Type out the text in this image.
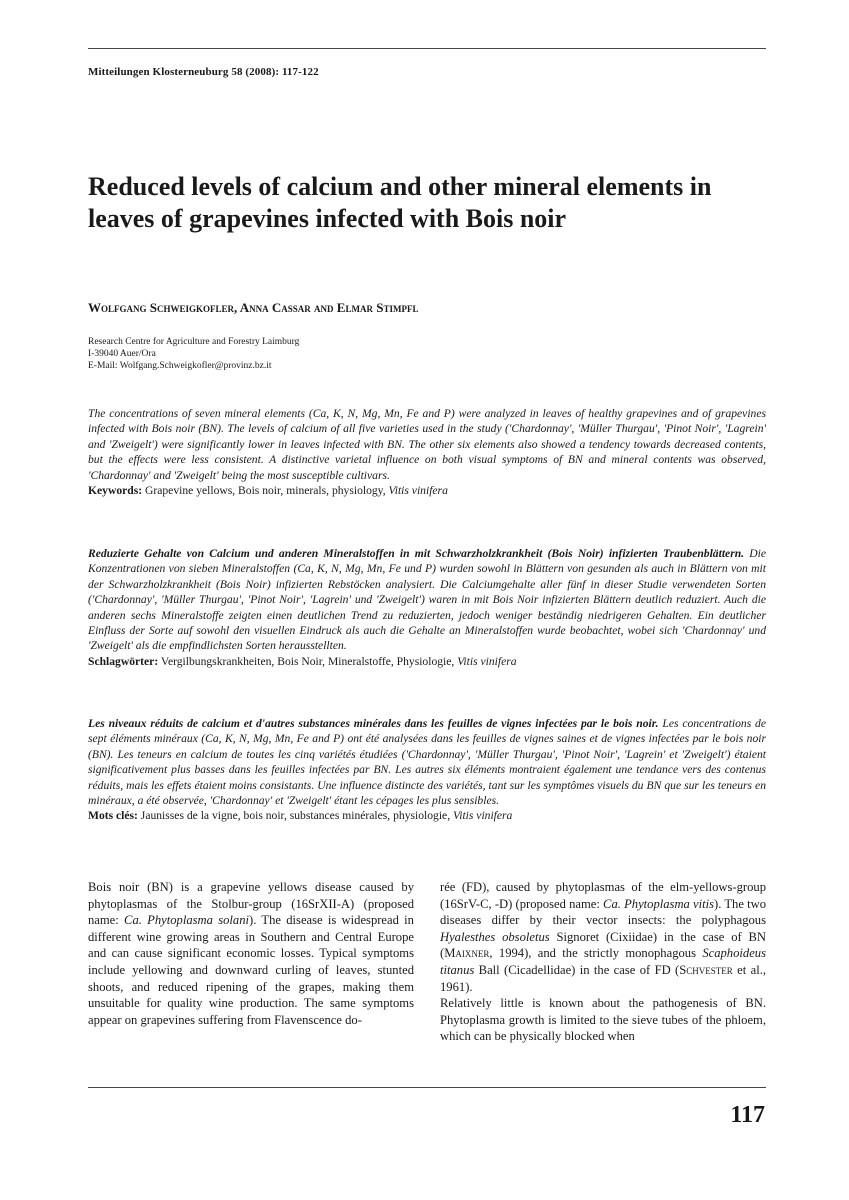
Mitteilungen Klosterneuburg 58 (2008): 117-122
Reduced levels of calcium and other mineral elements in leaves of grapevines infected with Bois noir
Wolfgang Schweigkofler, Anna Cassar and Elmar Stimpfl
Research Centre for Agriculture and Forestry Laimburg
I-39040 Auer/Ora
E-Mail: Wolfgang.Schweigkofler@provinz.bz.it

The concentrations of seven mineral elements (Ca, K, N, Mg, Mn, Fe and P) were analyzed in leaves of healthy grapevines and of grapevines infected with Bois noir (BN). The levels of calcium of all five varieties used in the study ('Chardonnay', 'Müller Thurgau', 'Pinot Noir', 'Lagrein' and 'Zweigelt') were significantly lower in leaves infected with BN. The other six elements also showed a tendency towards decreased contents, but the effects were less consistent. A distinctive varietal influence on both visual symptoms of BN and mineral contents was observed, 'Chardonnay' and 'Zweigelt' being the most susceptible cultivars.

Keywords: Grapevine yellows, Bois noir, minerals, physiology, Vitis vinifera

Reduzierte Gehalte von Calcium und anderen Mineralstoffen in mit Schwarzholzkrankheit (Bois Noir) infizierten Traubenblättern. Die Konzentrationen von sieben Mineralstoffen (Ca, K, N, Mg, Mn, Fe und P) wurden sowohl in Blättern von gesunden als auch in Blättern von mit der Schwarzholzkrankheit (Bois Noir) infizierten Rebstöcken analysiert. Die Calciumgehalte aller fünf in dieser Studie verwendeten Sorten ('Chardonnay', 'Müller Thurgau', 'Pinot Noir', 'Lagrein' und 'Zweigelt') waren in mit Bois Noir infizierten Blättern deutlich reduziert. Auch die anderen sechs Mineralstoffe zeigten einen deutlichen Trend zu reduzierten, jedoch weniger beständig niedrigeren Gehalten. Ein deutlicher Einfluss der Sorte auf sowohl den visuellen Eindruck als auch die Gehalte an Mineralstoffen wurde beobachtet, wobei sich 'Chardonnay' und 'Zweigelt' als die empfindlichsten Sorten herausstellten.

Schlagwörter: Vergilbungskrankheiten, Bois Noir, Mineralstoffe, Physiologie, Vitis vinifera

Les niveaux réduits de calcium et d'autres substances minérales dans les feuilles de vignes infectées par le bois noir. Les concentrations de sept éléments minéraux (Ca, K, N, Mg, Mn, Fe and P) ont été analysées dans les feuilles de vignes saines et de vignes infectées par le bois noir (BN). Les teneurs en calcium de toutes les cinq variétés étudiées ('Chardonnay', 'Müller Thurgau', 'Pinot Noir', 'Lagrein' et 'Zweigelt') étaient significativement plus basses dans les feuilles infectées par BN. Les autres six éléments montraient également une tendance vers des contenus réduits, mais les effets étaient moins consistants. Une influence distincte des variétés, tant sur les symptômes visuels du BN que sur les teneurs en minéraux, a été observée, 'Chardonnay' et 'Zweigelt' étant les cépages les plus sensibles.

Mots clés: Jaunisses de la vigne, bois noir, substances minérales, physiologie, Vitis vinifera

Bois noir (BN) is a grapevine yellows disease caused by phytoplasmas of the Stolbur-group (16SrXII-A) (proposed name: Ca. Phytoplasma solani). The disease is widespread in different wine growing areas in Southern and Central Europe and can cause significant economic losses. Typical symptoms include yellowing and downward curling of leaves, stunted shoots, and reduced ripening of the grapes, making them unsuitable for quality wine production. The same symptoms appear on grapevines suffering from Flavenscence do-

rée (FD), caused by phytoplasmas of the elm-yellows-group (16SrV-C, -D) (proposed name: Ca. Phytoplasma vitis). The two diseases differ by their vector insects: the polyphagous Hyalesthes obsoletus Signoret (Cixiidae) in the case of BN (Maixner, 1994), and the strictly monophagous Scaphoideus titanus Ball (Cicadellidae) in the case of FD (Schvester et al., 1961).

Relatively little is known about the pathogenesis of BN. Phytoplasma growth is limited to the sieve tubes of the phloem, which can be physically blocked when

117
